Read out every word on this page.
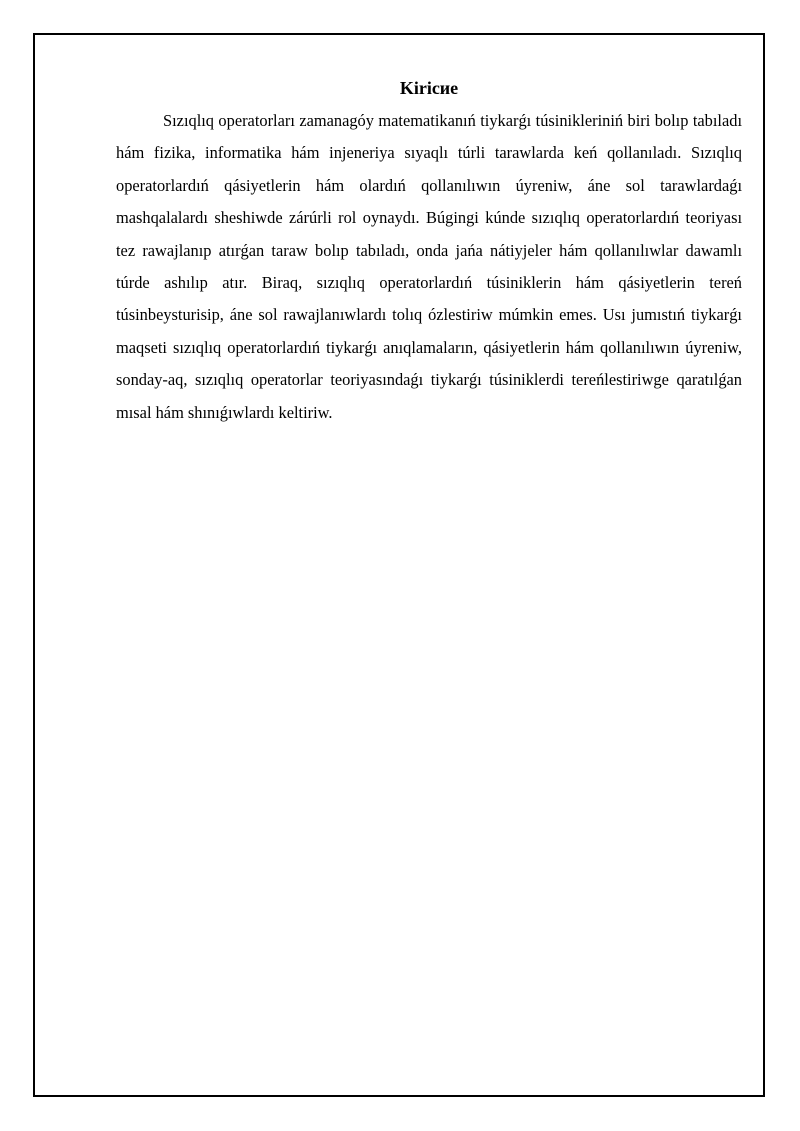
Kiriсиe

Sızıqlıq operatorları zamanagóy matematikanıń tiykarǵı túsinikleriniń biri bolıp tabıladı hám fizika, informatika hám injeneriya sıyaqlı túrli tarawlarda keń qollanıladı. Sızıqlıq operatorlardıń qásiyetlerin hám olardıń qollanılıwın úyreniw, áne sol tarawlardaǵı mashqalalardı sheshiwde zárúrli rol oynaydı. Búgingi kúnde sızıqlıq operatorlardıń teoriyası tez rawajlanıp atırǵan taraw bolıp tabıladı, onda jańa nátiyjeler hám qollanılıwlar dawamlı túrde ashılıp atır. Biraq, sızıqlıq operatorlardıń túsiniklerin hám qásiyetlerin tereń túsinbeysturisip, áne sol rawajlanıwlardı tolıq ózlestiriw múmkin emes. Usı jumıstıń tiykarǵı maqseti sızıqlıq operatorlardıń tiykarǵı anıqlamaların, qásiyetlerin hám qollanılıwın úyreniw, sonday-aq, sızıqlıq operatorlar teoriyasındaǵı tiykarǵı túsiniklerdi tereńlestiriwge qaratılǵan mısal hám shınıǵıwlardı keltiriw.
